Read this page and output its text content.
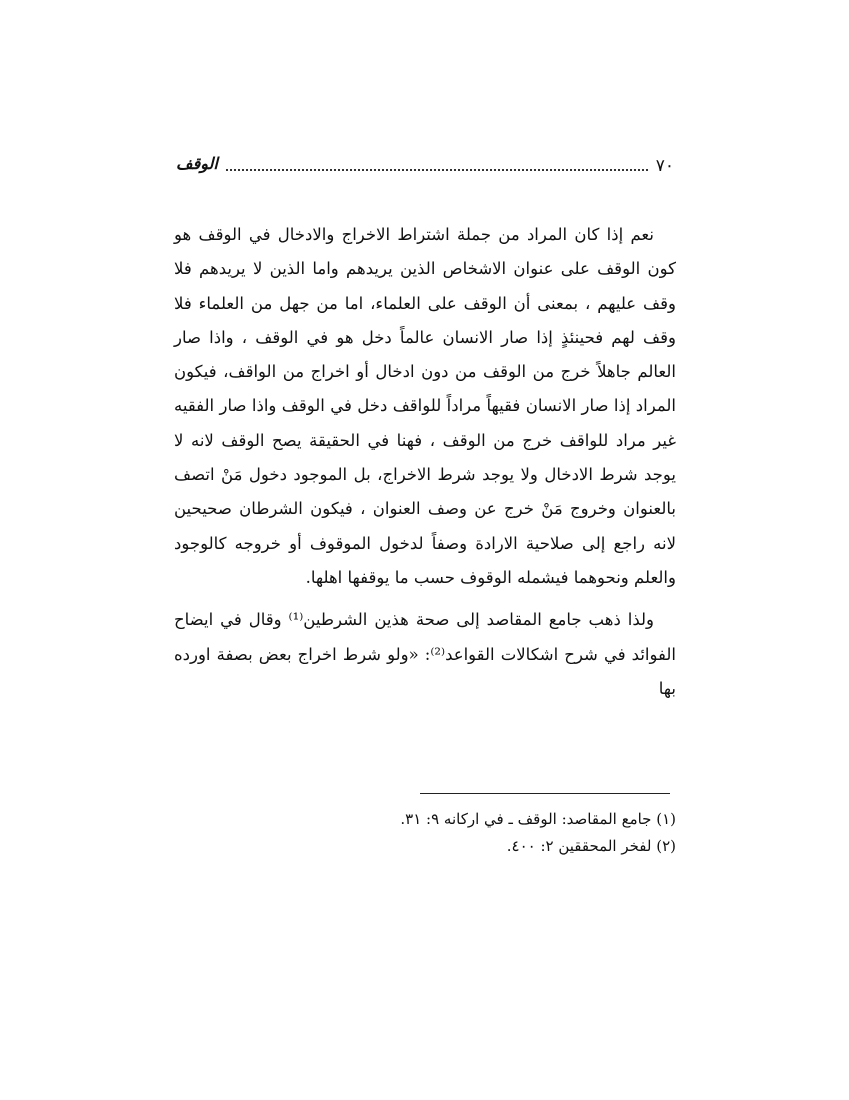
الوقف	٧٠

نعم إذا كان المراد من جملة اشتراط الاخراج والادخال في الوقف هو كون الوقف على عنوان الاشخاص الذين يريدهم واما الذين لا يريدهم فلا وقف عليهم ، بمعنى أن الوقف على العلماء، اما من جهل من العلماء فلا وقف لهم فحينئذٍ إذا صار الانسان عالماً دخل هو في الوقف ، واذا صار العالم جاهلاً خرج من الوقف من دون ادخال أو اخراج من الواقف، فيكون المراد إذا صار الانسان فقيهاً مراداً للواقف دخل في الوقف واذا صار الفقيه غير مراد للواقف خرج من الوقف ، فهنا في الحقيقة يصح الوقف لانه لا يوجد شرط الادخال ولا يوجد شرط الاخراج، بل الموجود دخول مَنْ اتصف بالعنوان وخروج مَنْ خرج عن وصف العنوان ، فيكون الشرطان صحيحين لانه راجع إلى صلاحية الارادة وصفاً لدخول الموقوف أو خروجه كالوجود والعلم ونحوهما فيشمله الوقوف حسب ما يوقفها اهلها.

ولذا ذهب جامع المقاصد إلى صحة هذين الشرطين⁽¹⁾ وقال في ايضاح الفوائد في شرح اشكالات القواعد⁽²⁾: «ولو شرط اخراج بعض بصفة اورده بها

(١) جامع المقاصد: الوقف ـ في اركانه ٩: ٣١.

(٢) لفخر المحققين ٢: ٤٠٠.
